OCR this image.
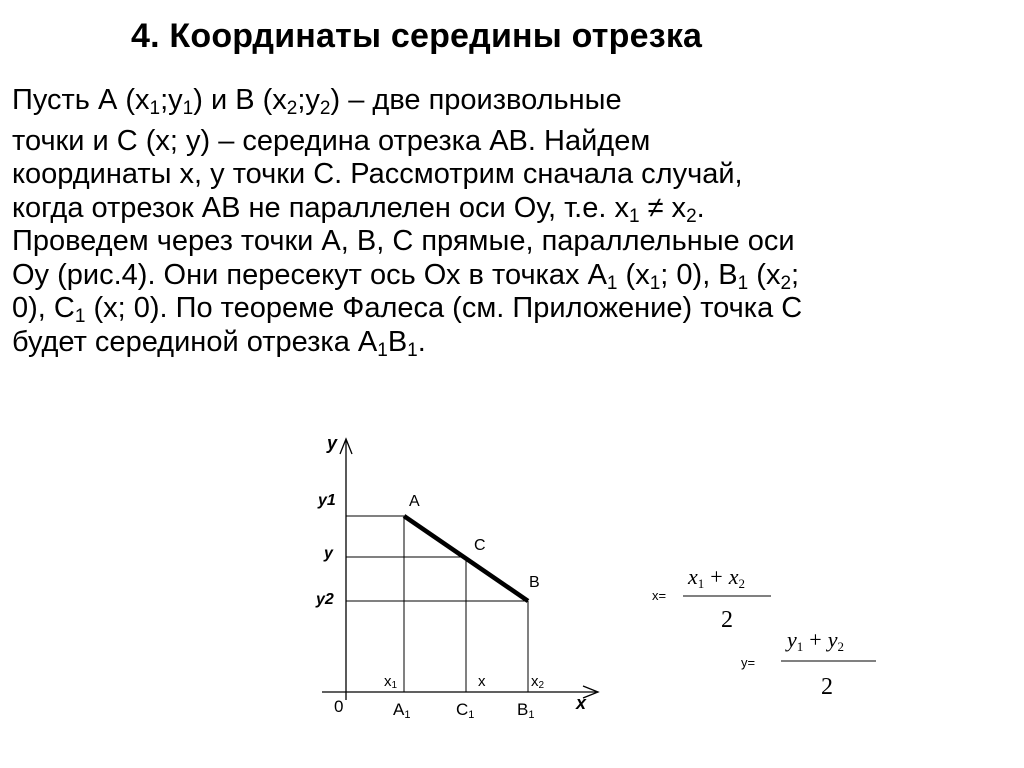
4. Координаты середины отрезка
Пусть А $(х_1;у_1)$ и В $(х_2;у_2)$ – две произвольные
точки и С (х; у) – середина отрезка АВ. Найдем
координаты х, у точки С. Рассмотрим сначала случай,
когда отрезок АВ не параллелен оси Оу, т.е. $х_1 \ne х_2$.
Проведем через точки А, В, С прямые, параллельные оси
Оу (рис.4). Они пересекут ось Ох в точках $А_1$ ($х_1$; 0), $В_1$ ($х_2$;
0), $С_1$ (х; 0). По теореме Фалеса (см. Приложение) точка С
будет серединой отрезка $А_1В_1$.
y
y1
y
y2
0	x
A
C
B
x1	x	x2
A1	C1	B1
x=
x1 + x2
2
y=
y1 + y2
2
